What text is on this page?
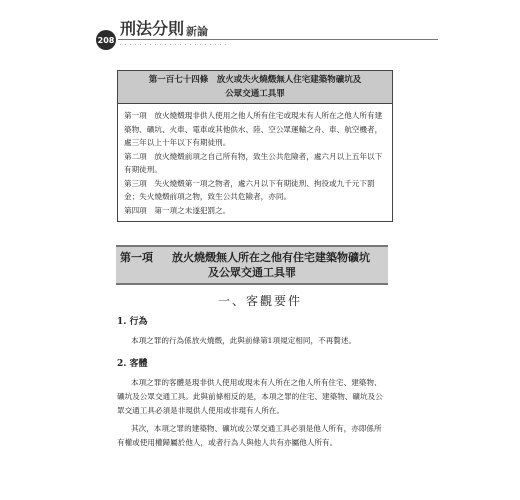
208
刑法分則 新論
第一百七十四條　放火或失火燒燬無人住宅建築物礦坑及
公眾交通工具罪

第一項　放火燒燬現非供人使用之他人所有住宅或現未有人所在之他人所有建築物、礦坑、火車、電車或其他供水、陸、空公眾運輸之舟、車、航空機者，處三年以上十年以下有期徒刑。

第二項　放火燒燬前項之自己所有物，致生公共危險者，處六月以上五年以下有期徒刑。

第三項　失火燒燬第一項之物者，處六月以下有期徒刑、拘役或九千元下罰金；失火燒燬前項之物，致生公共危險者，亦同。

第四項　第一項之未遂犯罰之。

第一項	放火燒燬無人所在之他有住宅建築物礦坑
及公眾交通工具罪
一、客觀要件
1. 行為

本項之罪的行為係放火燒燬，此與前條第1項規定相同，不再贅述。

2. 客體

本項之罪的客體是現非供人使用或現未有人所在之他人所有住宅、建築物、礦坑及公眾交通工具。此與前條相反的是，本項之罪的住宅、建築物、礦坑及公眾交通工具必須是非現供人使用或非現有人所在。

其次，本項之罪的建築物、礦坑或公眾交通工具必須是他人所有，亦即係所有權或使用權歸屬於他人，或者行為人與他人共有亦屬他人所有。
